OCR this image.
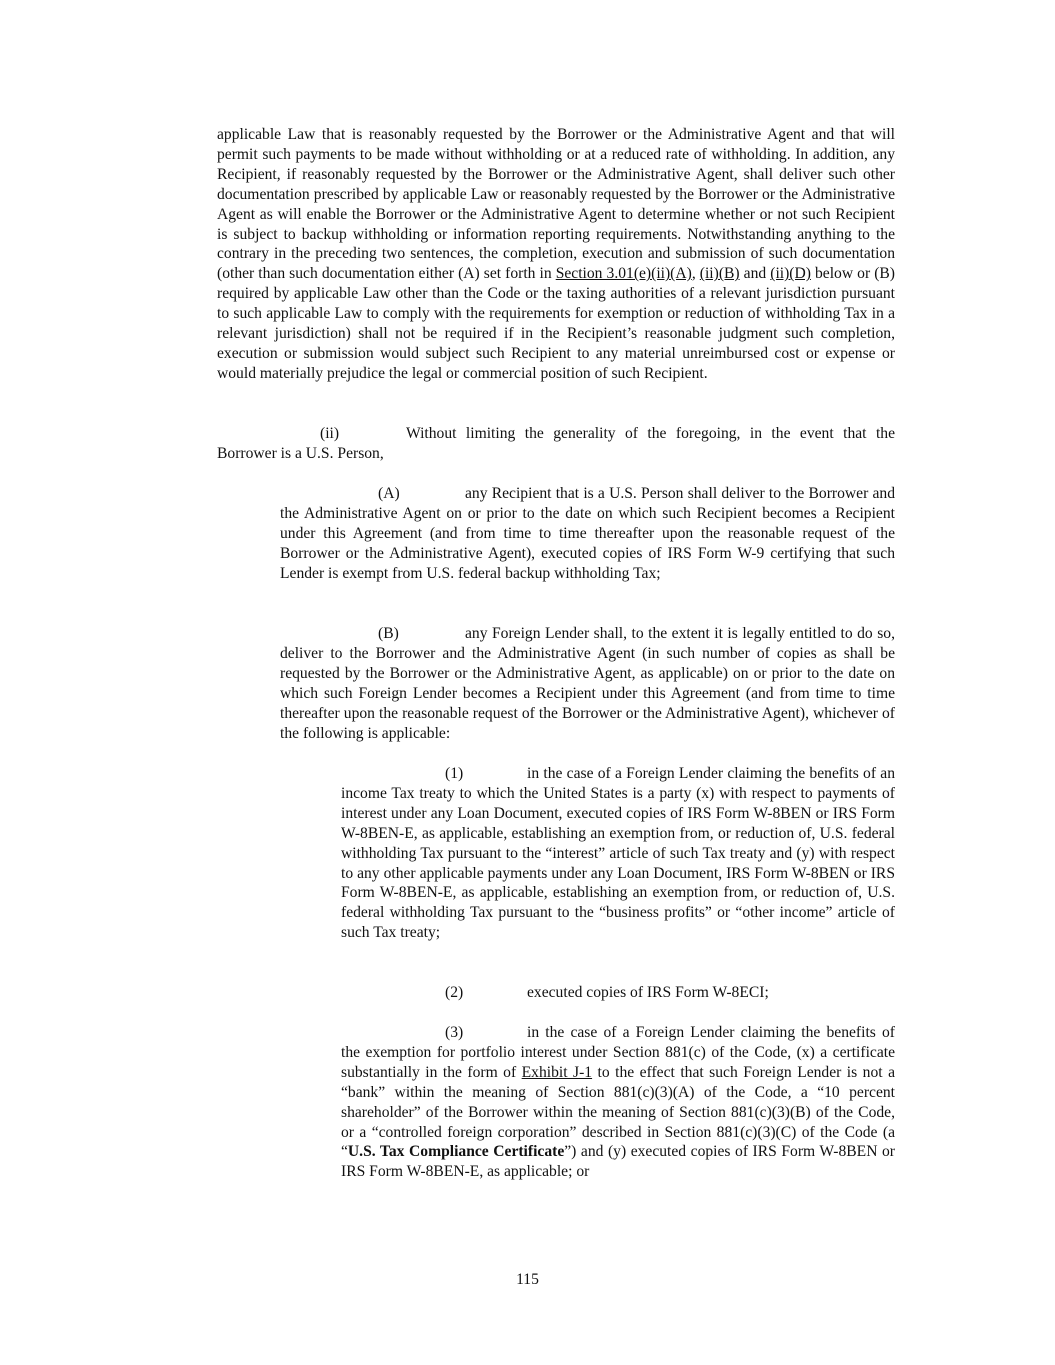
applicable Law that is reasonably requested by the Borrower or the Administrative Agent and that will permit such payments to be made without withholding or at a reduced rate of withholding. In addition, any Recipient, if reasonably requested by the Borrower or the Administrative Agent, shall deliver such other documentation prescribed by applicable Law or reasonably requested by the Borrower or the Administrative Agent as will enable the Borrower or the Administrative Agent to determine whether or not such Recipient is subject to backup withholding or information reporting requirements. Notwithstanding anything to the contrary in the preceding two sentences, the completion, execution and submission of such documentation (other than such documentation either (A) set forth in Section 3.01(e)(ii)(A), (ii)(B) and (ii)(D) below or (B) required by applicable Law other than the Code or the taxing authorities of a relevant jurisdiction pursuant to such applicable Law to comply with the requirements for exemption or reduction of withholding Tax in a relevant jurisdiction) shall not be required if in the Recipient’s reasonable judgment such completion, execution or submission would subject such Recipient to any material unreimbursed cost or expense or would materially prejudice the legal or commercial position of such Recipient.

(ii)	Without limiting the generality of the foregoing, in the event that the Borrower is a U.S. Person,

(A)	any Recipient that is a U.S. Person shall deliver to the Borrower and the Administrative Agent on or prior to the date on which such Recipient becomes a Recipient under this Agreement (and from time to time thereafter upon the reasonable request of the Borrower or the Administrative Agent), executed copies of IRS Form W-9 certifying that such Lender is exempt from U.S. federal backup withholding Tax;

(B)	any Foreign Lender shall, to the extent it is legally entitled to do so, deliver to the Borrower and the Administrative Agent (in such number of copies as shall be requested by the Borrower or the Administrative Agent, as applicable) on or prior to the date on which such Foreign Lender becomes a Recipient under this Agreement (and from time to time thereafter upon the reasonable request of the Borrower or the Administrative Agent), whichever of the following is applicable:

(1)	in the case of a Foreign Lender claiming the benefits of an income Tax treaty to which the United States is a party (x) with respect to payments of interest under any Loan Document, executed copies of IRS Form W-8BEN or IRS Form W-8BEN-E, as applicable, establishing an exemption from, or reduction of, U.S. federal withholding Tax pursuant to the “interest” article of such Tax treaty and (y) with respect to any other applicable payments under any Loan Document, IRS Form W-8BEN or IRS Form W-8BEN-E, as applicable, establishing an exemption from, or reduction of, U.S. federal withholding Tax pursuant to the “business profits” or “other income” article of such Tax treaty;

(2)	executed copies of IRS Form W-8ECI;

(3)	in the case of a Foreign Lender claiming the benefits of the exemption for portfolio interest under Section 881(c) of the Code, (x) a certificate substantially in the form of Exhibit J-1 to the effect that such Foreign Lender is not a “bank” within the meaning of Section 881(c)(3)(A) of the Code, a “10 percent shareholder” of the Borrower within the meaning of Section 881(c)(3)(B) of the Code, or a “controlled foreign corporation” described in Section 881(c)(3)(C) of the Code (a “U.S. Tax Compliance Certificate”) and (y) executed copies of IRS Form W-8BEN or IRS Form W-8BEN-E, as applicable; or

115
